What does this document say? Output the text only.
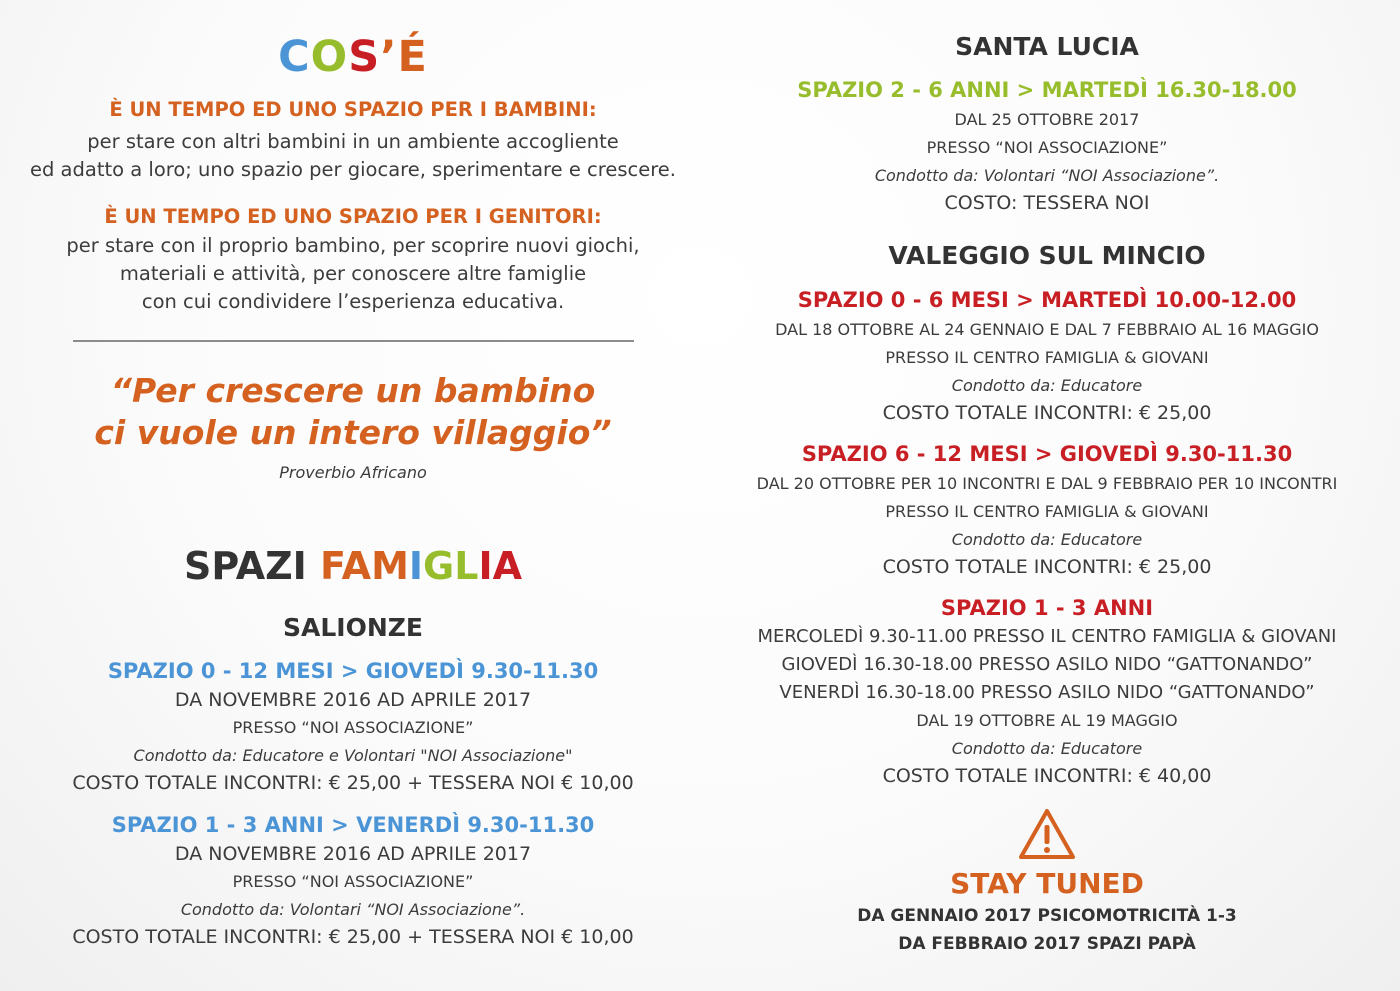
COS’É
È UN TEMPO ED UNO SPAZIO PER I BAMBINI:
per stare con altri bambini in un ambiente accogliente
ed adatto a loro; uno spazio per giocare, sperimentare e crescere.
È UN TEMPO ED UNO SPAZIO PER I GENITORI:
per stare con il proprio bambino, per scoprire nuovi giochi,
materiali e attività, per conoscere altre famiglie
con cui condividere l’esperienza educativa.
“Per crescere un bambino
ci vuole un intero villaggio”
Proverbio Africano
SPAZI FAMIGLIA
SALIONZE
SPAZIO 0 - 12 MESI > GIOVEDÌ 9.30-11.30
DA NOVEMBRE 2016 AD APRILE 2017
PRESSO “NOI ASSOCIAZIONE”
Condotto da: Educatore e Volontari "NOI Associazione"
COSTO TOTALE INCONTRI: € 25,00 + TESSERA NOI € 10,00
SPAZIO 1 - 3 ANNI > VENERDÌ 9.30-11.30
DA NOVEMBRE 2016 AD APRILE 2017
PRESSO “NOI ASSOCIAZIONE”
Condotto da: Volontari “NOI Associazione”.
COSTO TOTALE INCONTRI: € 25,00 + TESSERA NOI € 10,00
SANTA LUCIA
SPAZIO 2 - 6 ANNI > MARTEDÌ 16.30-18.00
DAL 25 OTTOBRE 2017
PRESSO “NOI ASSOCIAZIONE”
Condotto da: Volontari “NOI Associazione”.
COSTO: TESSERA NOI
VALEGGIO SUL MINCIO
SPAZIO 0 - 6 MESI > MARTEDÌ 10.00-12.00
DAL 18 OTTOBRE AL 24 GENNAIO E DAL 7 FEBBRAIO AL 16 MAGGIO
PRESSO IL CENTRO FAMIGLIA & GIOVANI
Condotto da: Educatore
COSTO TOTALE INCONTRI: € 25,00
SPAZIO 6 - 12 MESI > GIOVEDÌ 9.30-11.30
DAL 20 OTTOBRE PER 10 INCONTRI E DAL 9 FEBBRAIO PER 10 INCONTRI
PRESSO IL CENTRO FAMIGLIA & GIOVANI
Condotto da: Educatore
COSTO TOTALE INCONTRI: € 25,00
SPAZIO 1 - 3 ANNI
MERCOLEDÌ 9.30-11.00 PRESSO IL CENTRO FAMIGLIA & GIOVANI
GIOVEDÌ 16.30-18.00 PRESSO ASILO NIDO “GATTONANDO”
VENERDÌ 16.30-18.00 PRESSO ASILO NIDO “GATTONANDO”
DAL 19 OTTOBRE AL 19 MAGGIO
Condotto da: Educatore
COSTO TOTALE INCONTRI: € 40,00
STAY TUNED
DA GENNAIO 2017 PSICOMOTRICITÀ 1-3
DA FEBBRAIO 2017 SPAZI PAPÀ
